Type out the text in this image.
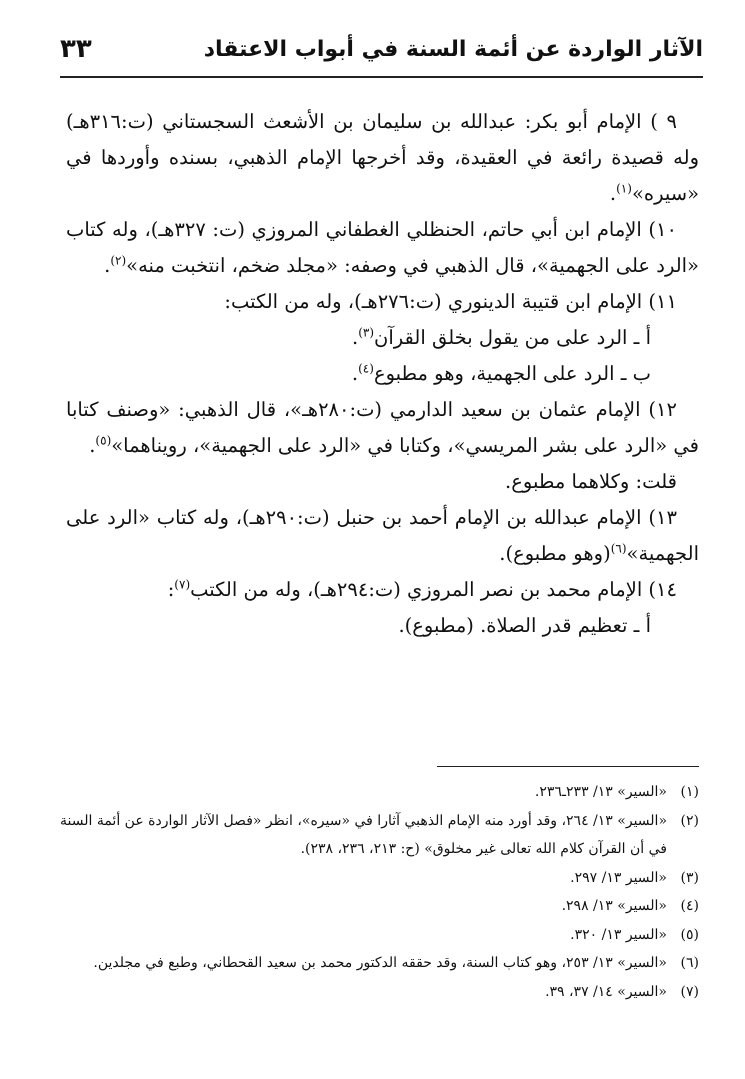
الآثار الواردة عن أئمة السنة في أبواب الاعتقاد
٣٣

٩ ) الإمام أبو بكر: عبدالله بن سليمان بن الأشعث السجستاني (ت:٣١٦هـ) وله قصيدة رائعة في العقيدة، وقد أخرجها الإمام الذهبي، بسنده وأوردها في «سيره»$^{(١)}$.

١٠) الإمام ابن أبي حاتم، الحنظلي الغطفاني المروزي (ت: ٣٢٧هـ)، وله كتاب «الرد على الجهمية»، قال الذهبي في وصفه: «مجلد ضخم، انتخبت منه»$^{(٢)}$.

١١) الإمام ابن قتيبة الدينوري (ت:٢٧٦هـ)، وله من الكتب:

أ ـ الرد على من يقول بخلق القرآن$^{(٣)}$.

ب ـ الرد على الجهمية، وهو مطبوع$^{(٤)}$.

١٢) الإمام عثمان بن سعيد الدارمي (ت:٢٨٠هـ»، قال الذهبي: «وصنف كتابا في «الرد على بشر المريسي»، وكتابا في «الرد على الجهمية»، رويناهما»$^{(٥)}$.

قلت: وكلاهما مطبوع.

١٣) الإمام عبدالله بن الإمام أحمد بن حنبل (ت:٢٩٠هـ)، وله كتاب «الرد على الجهمية»$^{(٦)}$(وهو مطبوع).

١٤) الإمام محمد بن نصر المروزي (ت:٢٩٤هـ)، وله من الكتب$^{(٧)}$:

أ ـ تعظيم قدر الصلاة. (مطبوع).

(١)
«السير» ١٣/ ٢٣٣ـ٢٣٦.
(٢)
«السير» ١٣/ ٢٦٤، وقد أورد منه الإمام الذهبي آثارا في «سيره»، انظر «فصل الآثار الواردة عن أئمة السنة في أن القرآن كلام الله تعالى غير مخلوق» (ح: ٢١٣، ٢٣٦، ٢٣٨).
(٣)
«السير ١٣/ ٢٩٧.
(٤)
«السير» ١٣/ ٢٩٨.
(٥)
«السير ١٣/ ٣٢٠.
(٦)
«السير» ١٣/ ٢٥٣، وهو كتاب السنة، وقد حققه الدكتور محمد بن سعيد القحطاني، وطبع في مجلدين.
(٧)
«السير» ١٤/ ٣٧، ٣٩.
